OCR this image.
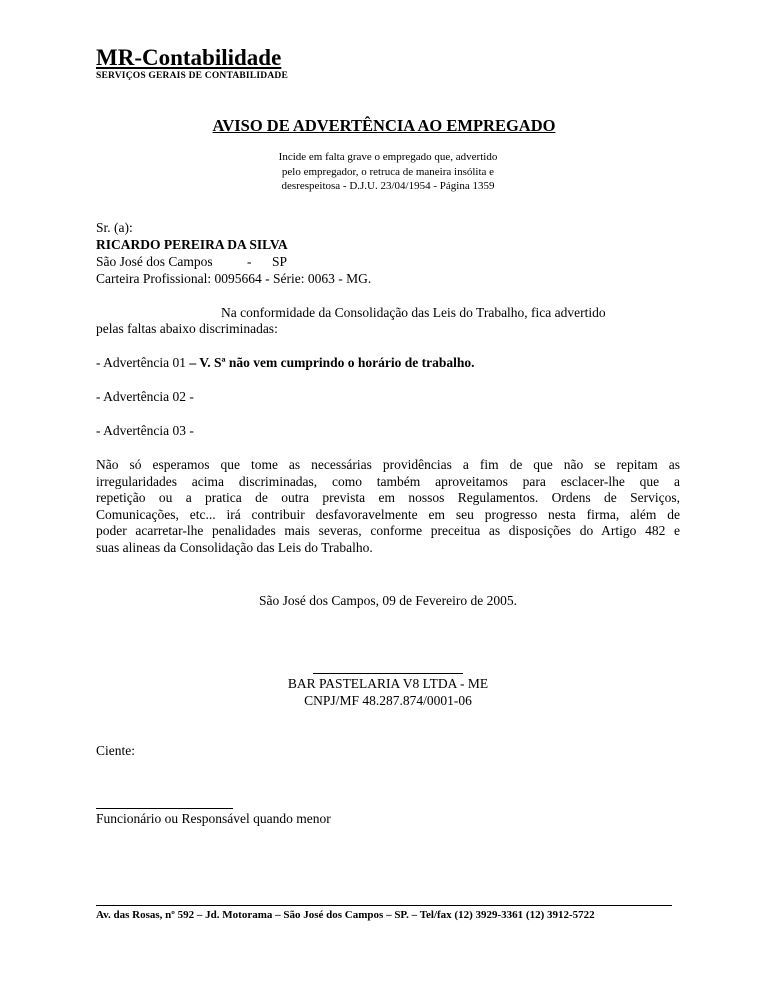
MR-Contabilidade
SERVIÇOS GERAIS DE CONTABILIDADE
AVISO DE ADVERTÊNCIA AO EMPREGADO
Incide em falta grave o empregado que, advertido
pelo empregador, o retruca de maneira insólita e
desrespeitosa - D.J.U. 23/04/1954 - Página 1359
Sr. (a):
RICARDO PEREIRA DA SILVA
São José dos Campos	- SP
Carteira Profissional: 0095664 - Série: 0063 - MG.
Na conformidade da Consolidação das Leis do Trabalho, fica advertido
pelas faltas abaixo discriminadas:
- Advertência 01 – V. Sª não vem cumprindo o horário de trabalho.
- Advertência 02 -
- Advertência 03 -
Não só esperamos que tome as necessárias providências a fim de que não se repitam as
irregularidades acima discriminadas, como também aproveitamos para esclacer-lhe que a
repetição ou a pratica de outra prevista em nossos Regulamentos. Ordens de Serviços,
Comunicações, etc... irá contribuir desfavoravelmente em seu progresso nesta firma, além de
poder acarretar-lhe penalidades mais severas, conforme preceitua as disposições do Artigo 482 e
suas alineas da Consolidação das Leis do Trabalho.
São José dos Campos, 09 de Fevereiro de 2005.
BAR PASTELARIA V8 LTDA - ME
CNPJ/MF 48.287.874/0001-06
Ciente:
Funcionário ou Responsável quando menor
Av. das Rosas, nº 592 – Jd. Motorama – São José dos Campos – SP. – Tel/fax (12) 3929-3361 (12) 3912-5722
